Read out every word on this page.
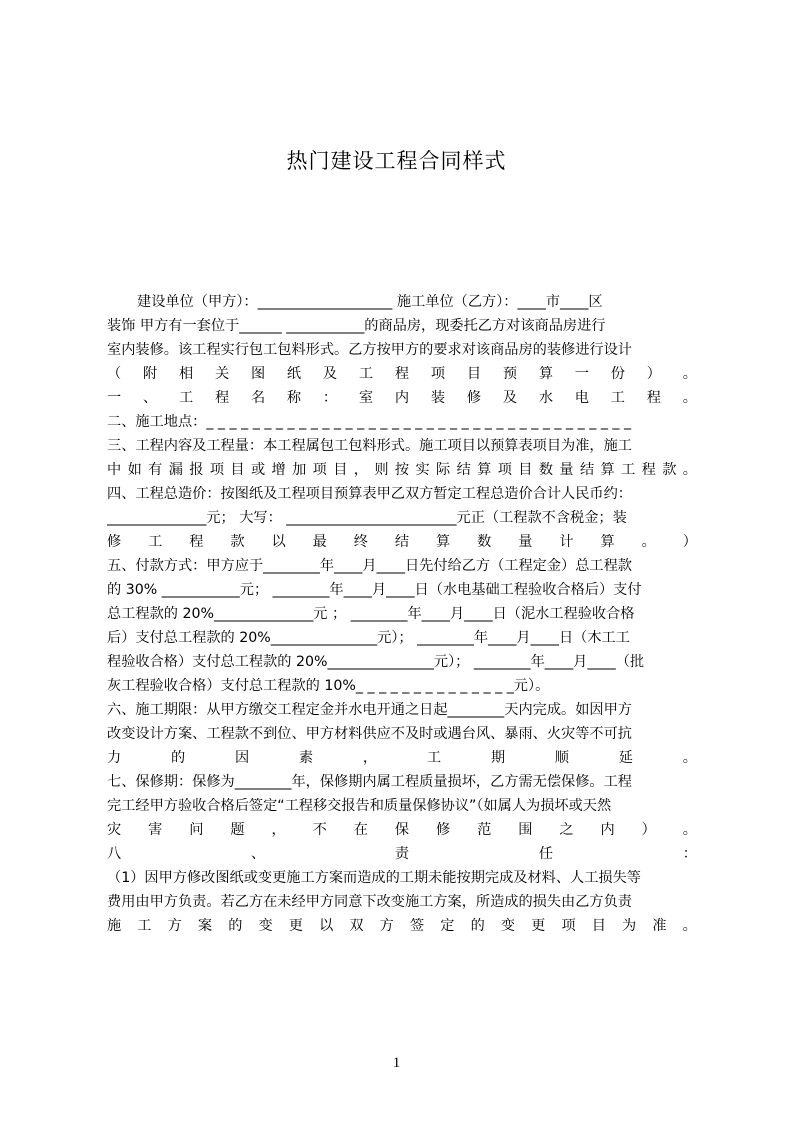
热门建设工程合同样式
建设单位（甲方）：___________________ 施工单位（乙方）：____市____区
装饰 甲方有一套位于______ ___________的商品房，现委托乙方对该商品房进行
室内装修。该工程实行包工包料形式。乙方按甲方的要求对该商品房的装修进行设计
（ 附 相 关 图 纸 及 工 程 项 目 预 算 一 份 ） 。
一 、 工 程 名 称 ： 室 内 装 修 及 水 电 工 程 。
二、施工地点：_ _ _ _ _ _ _ _ _ _ _ _ _ _ _ _ _ _ _ _ _ _ _ _ _ _ _ _ _ _ _ _ _ _ _ _ _
三、工程内容及工程量：本工程属包工包料形式。施工项目以预算表项目为准，施工
中 如 有 漏 报 项 目 或 增 加 项 目 ， 则 按 实 际 结 算 项 目 数 量 结 算 工 程 款 。
四、工程总造价：按图纸及工程项目预算表甲乙双方暂定工程总造价合计人民币约：
______________元； 大写： ________________________元正（工程款不含税金；装
修 工 程 款 以 最 终 结 算 数 量 计 算 。 ）
五、付款方式：甲方应于________年____月____日先付给乙方（工程定金）总工程款
的 30% ___________元； ________年____月____日（水电基础工程验收合格后）支付
总工程款的 20%______________元 ； ________年____月____日（泥水工程验收合格
后）支付总工程款的 20%_______________元）； ________年____月____日（木工工
程验收合格）支付总工程款的 20%_______________元）； ________年____月____（批
灰工程验收合格）支付总工程款的 10%_ _ _ _ _ _ _ _ _ _ _ _ _ _元）。
六、施工期限：从甲方缴交工程定金并水电开通之日起________天内完成。如因甲方
改变设计方案、工程款不到位、甲方材料供应不及时或遇台风、暴雨、火灾等不可抗
力	的	因	素	，	工	期	顺	延	。
七、保修期：保修为________年，保修期内属工程质量损坏，乙方需无偿保修。工程
完工经甲方验收合格后签定“工程移交报告和质量保修协议”（如属人为损坏或天然
灾 害 问 题 ， 不 在 保 修 范 围 之 内 ） 。
八	、	责	任	：
（1）因甲方修改图纸或变更施工方案而造成的工期未能按期完成及材料、人工损失等
费用由甲方负责。若乙方在未经甲方同意下改变施工方案，所造成的损失由乙方负责
施 工 方 案 的 变 更 以 双 方 签 定 的 变 更 项 目 为 准 。
1
